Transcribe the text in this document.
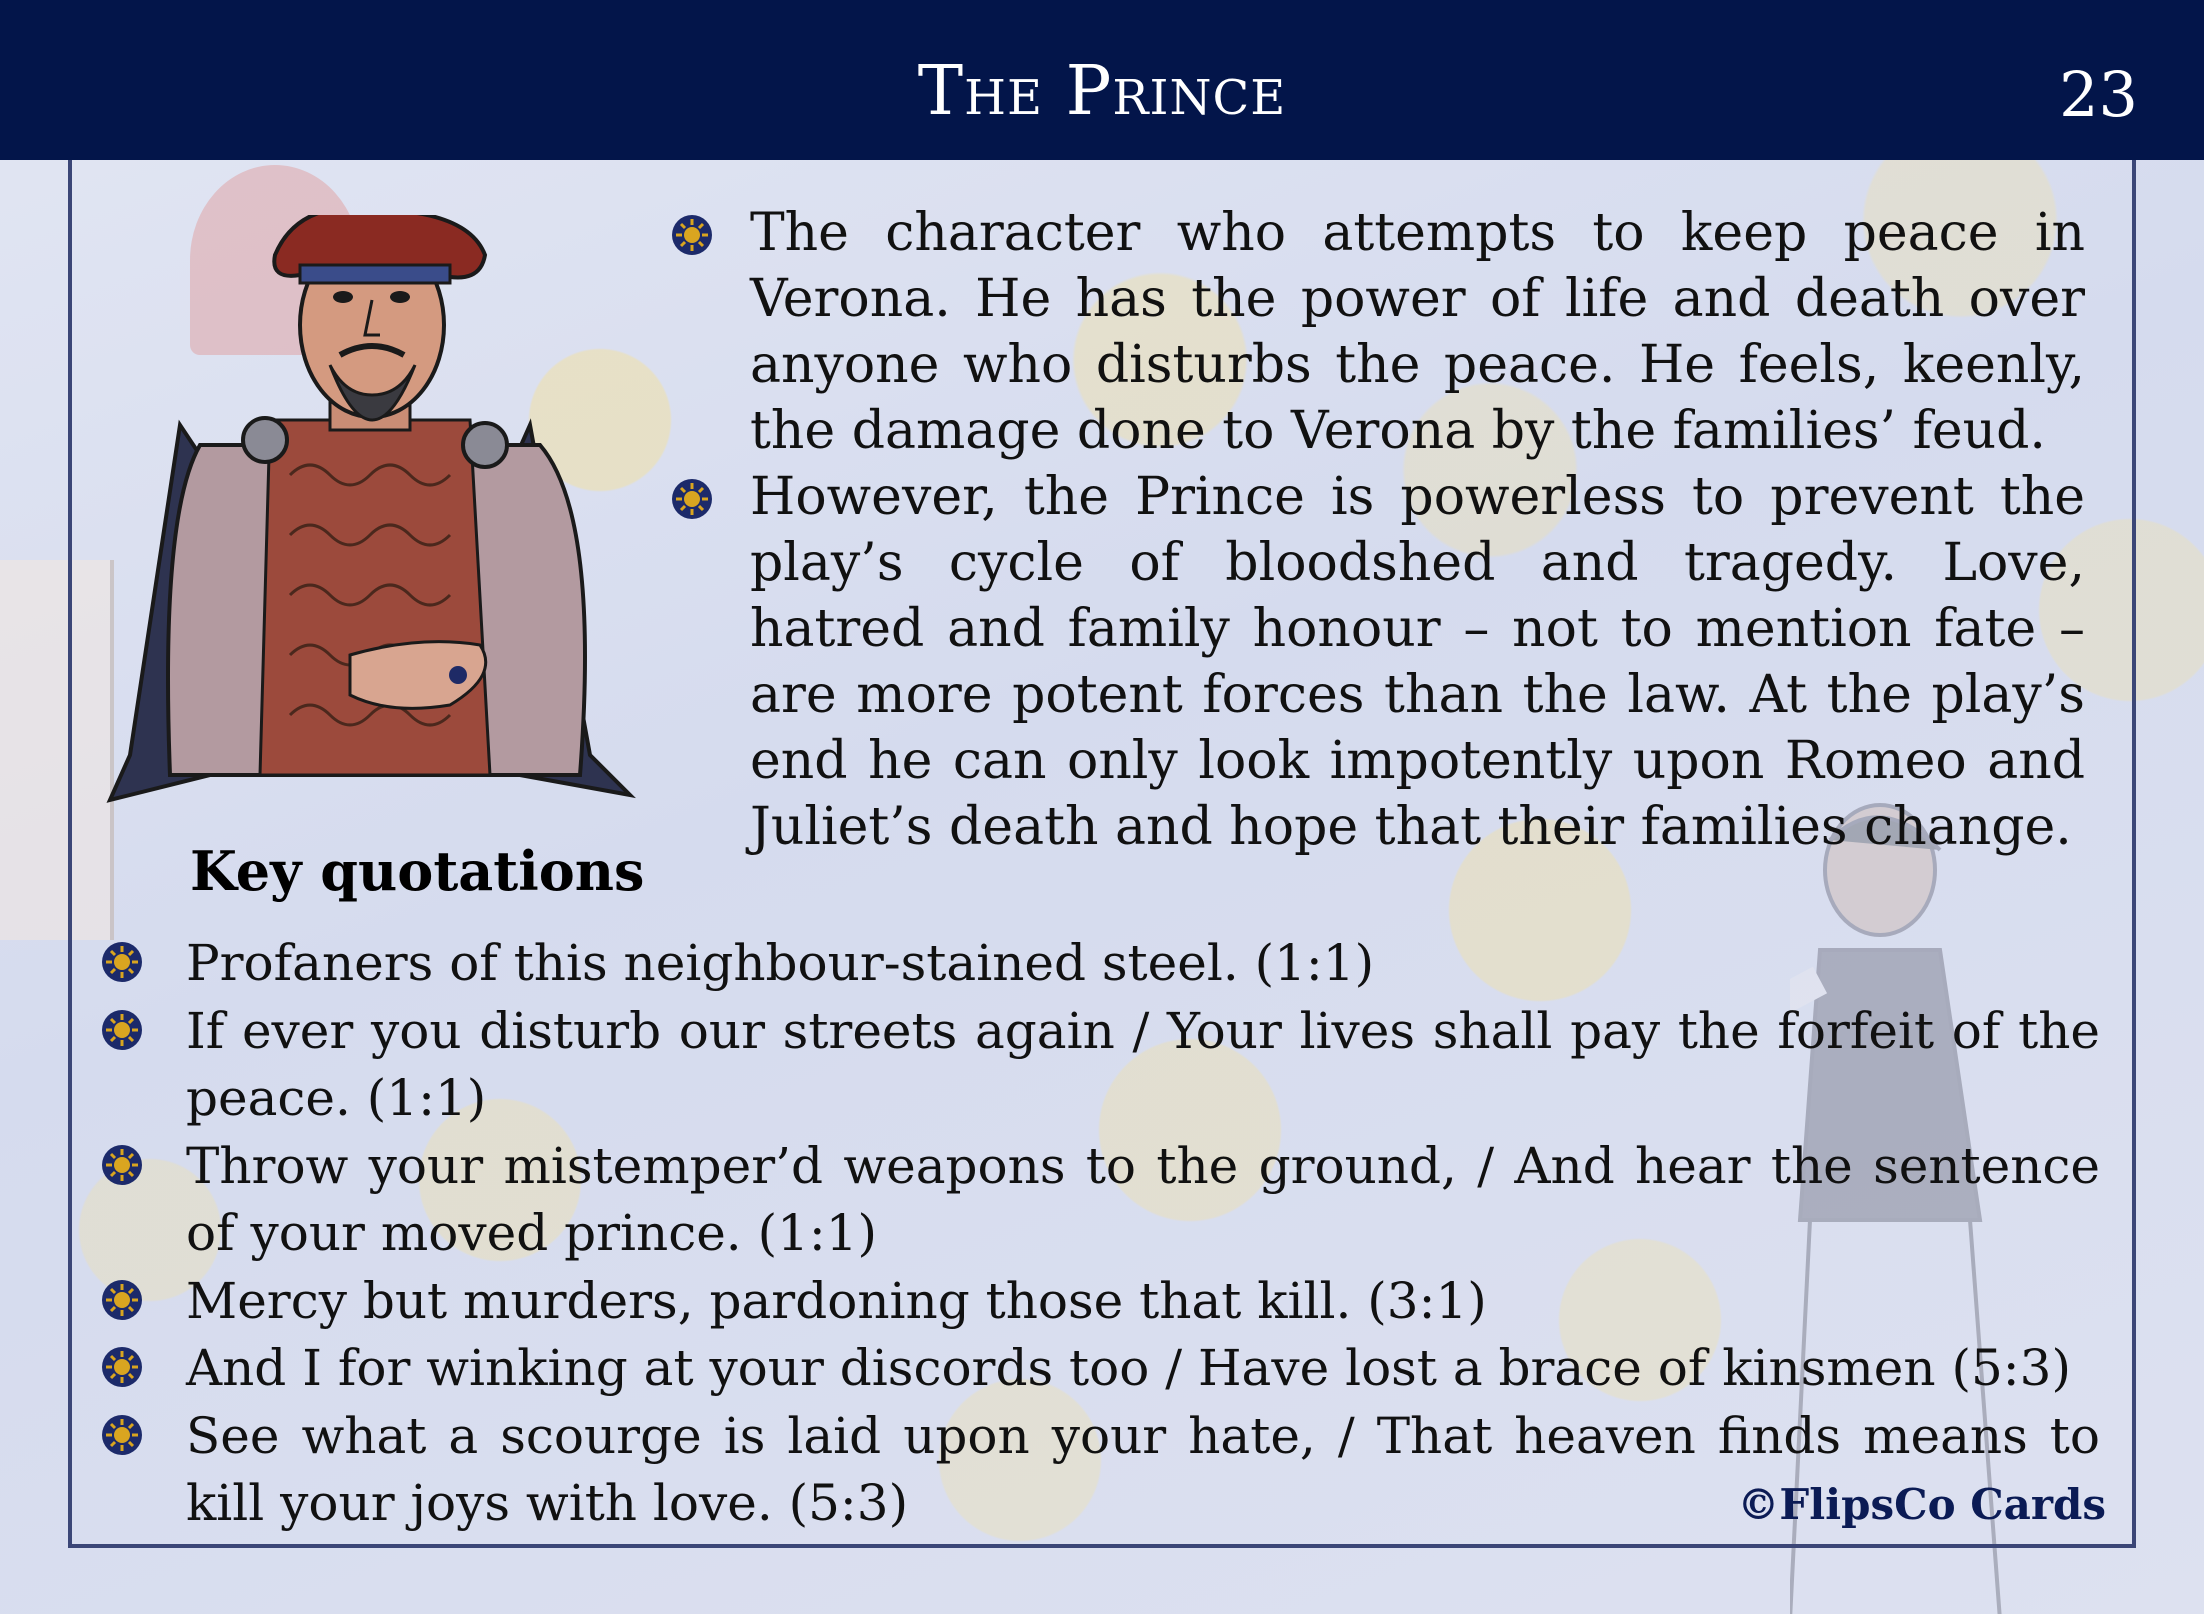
The Prince	23

The character who attempts to keep peace in Verona. He has the power of life and death over anyone who disturbs the peace. He feels, keenly, the damage done to Verona by the families’ feud.

However, the Prince is powerless to prevent the play’s cycle of bloodshed and tragedy. Love, hatred and family honour – not to mention fate – are more potent forces than the law. At the play’s end he can only look impotently upon Romeo and Juliet’s death and hope that their families change.

Key quotations

Profaners of this neighbour-stained steel. (1:1)

If ever you disturb our streets again / Your lives shall pay the forfeit of the peace. (1:1)

Throw your mistemper’d weapons to the ground, / And hear the sentence of your moved prince. (1:1)

Mercy but murders, pardoning those that kill. (3:1)

And I for winking at your discords too / Have lost a brace of kinsmen (5:3)

See what a scourge is laid upon your hate, / That heaven finds means to kill your joys with love. (5:3)	©FlipsCo Cards
